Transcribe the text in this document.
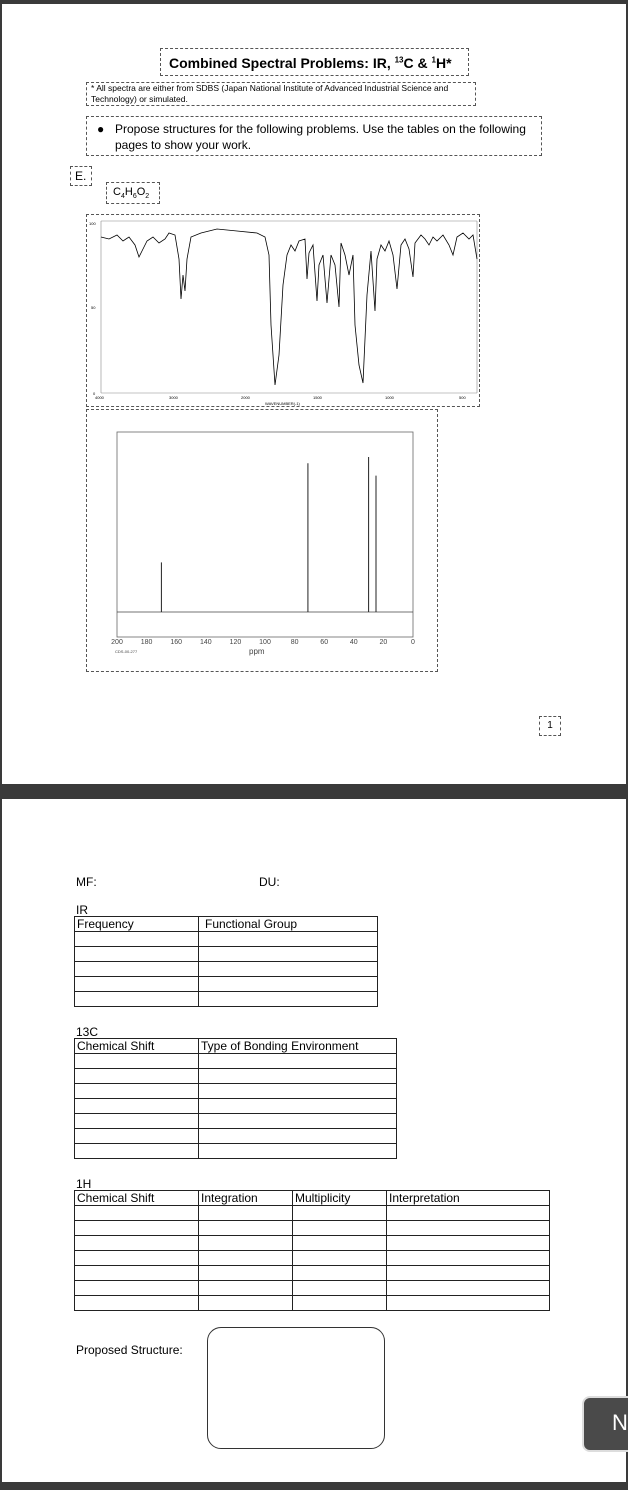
Combined Spectral Problems: IR, $^{13}$C & $^1$H*
* All spectra are either from SDBS (Japan National Institute of Advanced Industrial Science and Technology) or simulated.
● Propose structures for the following problems. Use the tables on the following pages to show your work.
E.
$C_4H_6O_2$
100
50
0
4000	3000	2000	1500	1000	500
WAVENUMBER(-1)
200	180	160	140	120	100	80	60	40	20	0
ppm
CDS-00-277
1
MF:	DU:
IR
Frequency	Functional Group

13C
Chemical Shift	Type of Bonding Environment

1H
Chemical Shift	Integration	Multiplicity	Interpretation

Proposed Structure:
N
